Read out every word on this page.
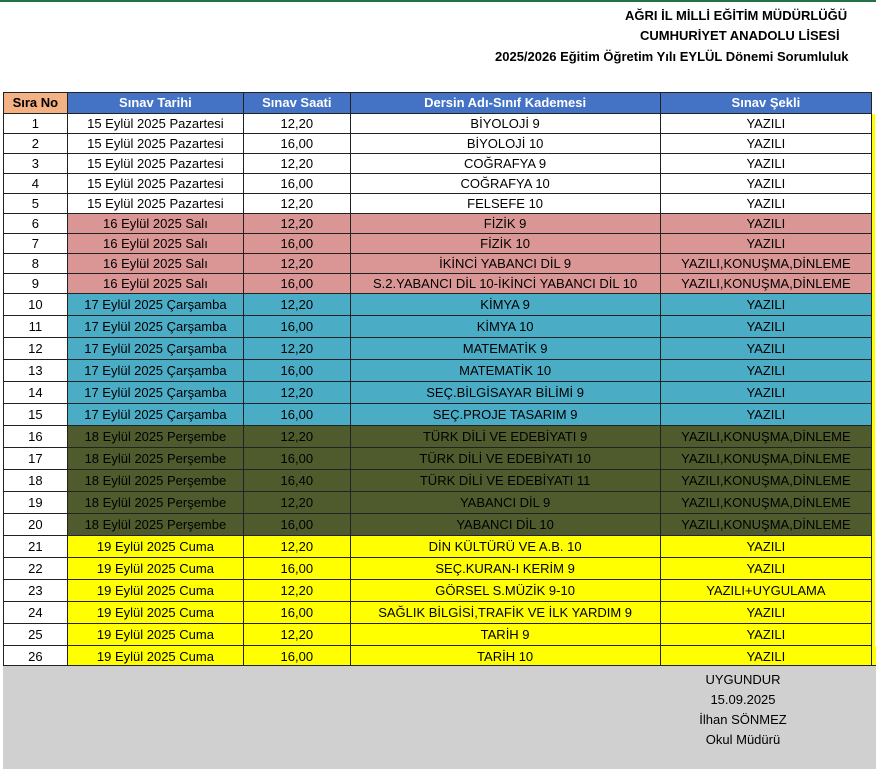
AĞRI İL MİLLİ EĞİTİM MÜDÜRLÜĞÜ
CUMHURİYET ANADOLU LİSESİ
2025/2026 Eğitim Öğretim Yılı EYLÜL Dönemi Sorumluluk
Sıra No	Sınav Tarihi	Sınav Saati	Dersin Adı-Sınıf Kademesi	Sınav Şekli	
1	15 Eylül 2025 Pazartesi	12,20	BİYOLOJİ 9	YAZILI	
2	15 Eylül 2025 Pazartesi	16,00	BİYOLOJİ 10	YAZILI	
3	15 Eylül 2025 Pazartesi	12,20	COĞRAFYA 9	YAZILI	
4	15 Eylül 2025 Pazartesi	16,00	COĞRAFYA 10	YAZILI	
5	15 Eylül 2025 Pazartesi	12,20	FELSEFE 10	YAZILI	
6	16 Eylül 2025 Salı	12,20	FİZİK 9	YAZILI	
7	16 Eylül 2025 Salı	16,00	FİZİK 10	YAZILI	
8	16 Eylül 2025 Salı	12,20	İKİNCİ YABANCI DİL 9	YAZILI,KONUŞMA,DİNLEME	
9	16 Eylül 2025 Salı	16,00	S.2.YABANCI DİL 10-İKİNCİ YABANCI DİL 10	YAZILI,KONUŞMA,DİNLEME	
10	17 Eylül 2025 Çarşamba	12,20	KİMYA 9	YAZILI	
11	17 Eylül 2025 Çarşamba	16,00	KİMYA 10	YAZILI	
12	17 Eylül 2025 Çarşamba	12,20	MATEMATİK 9	YAZILI	
13	17 Eylül 2025 Çarşamba	16,00	MATEMATİK 10	YAZILI	
14	17 Eylül 2025 Çarşamba	12,20	SEÇ.BİLGİSAYAR BİLİMİ 9	YAZILI	
15	17 Eylül 2025 Çarşamba	16,00	SEÇ.PROJE TASARIM 9	YAZILI	
16	18 Eylül 2025 Perşembe	12,20	TÜRK DİLİ VE EDEBİYATI 9	YAZILI,KONUŞMA,DİNLEME	
17	18 Eylül 2025 Perşembe	16,00	TÜRK DİLİ VE EDEBİYATI 10	YAZILI,KONUŞMA,DİNLEME	
18	18 Eylül 2025 Perşembe	16,40	TÜRK DİLİ VE EDEBİYATI 11	YAZILI,KONUŞMA,DİNLEME	
19	18 Eylül 2025 Perşembe	12,20	YABANCI DİL 9	YAZILI,KONUŞMA,DİNLEME	
20	18 Eylül 2025 Perşembe	16,00	YABANCI DİL 10	YAZILI,KONUŞMA,DİNLEME	
21	19 Eylül 2025 Cuma	12,20	DİN KÜLTÜRÜ VE A.B. 10	YAZILI	
22	19 Eylül 2025 Cuma	16,00	SEÇ.KURAN-I KERİM 9	YAZILI	
23	19 Eylül 2025 Cuma	12,20	GÖRSEL S.MÜZİK 9-10	YAZILI+UYGULAMA	
24	19 Eylül 2025 Cuma	16,00	SAĞLIK BİLGİSİ,TRAFİK VE İLK YARDIM 9	YAZILI	
25	19 Eylül 2025 Cuma	12,20	TARİH 9	YAZILI	
26	19 Eylül 2025 Cuma	16,00	TARİH 10	YAZILI	
UYGUNDUR
15.09.2025
İlhan SÖNMEZ
Okul Müdürü
